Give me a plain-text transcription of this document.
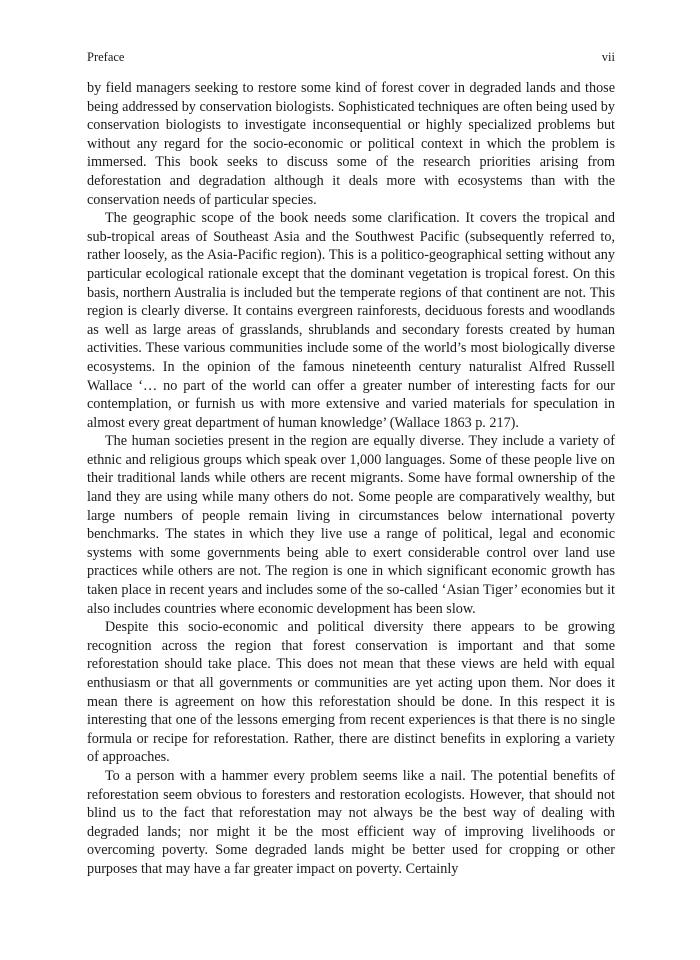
Preface	vii

by field managers seeking to restore some kind of forest cover in degraded lands and those being addressed by conservation biologists. Sophisticated techniques are often being used by conservation biologists to investigate inconsequential or highly specialized problems but without any regard for the socio-economic or political context in which the problem is immersed. This book seeks to discuss some of the research priorities arising from deforestation and degradation although it deals more with ecosystems than with the conservation needs of particular species.

The geographic scope of the book needs some clarification. It covers the tropical and sub-tropical areas of Southeast Asia and the Southwest Pacific (subsequently referred to, rather loosely, as the Asia-Pacific region). This is a politico-geographical setting without any particular ecological rationale except that the dominant vegetation is tropical forest. On this basis, northern Australia is included but the temperate regions of that continent are not. This region is clearly diverse. It contains evergreen rainforests, deciduous forests and woodlands as well as large areas of grasslands, shrublands and secondary forests created by human activities. These various communities include some of the world’s most biologically diverse ecosystems. In the opinion of the famous nineteenth century naturalist Alfred Russell Wallace ‘… no part of the world can offer a greater number of interesting facts for our contemplation, or furnish us with more extensive and varied materials for speculation in almost every great department of human knowledge’ (Wallace 1863 p. 217).

The human societies present in the region are equally diverse. They include a variety of ethnic and religious groups which speak over 1,000 languages. Some of these people live on their traditional lands while others are recent migrants. Some have formal ownership of the land they are using while many others do not. Some people are comparatively wealthy, but large numbers of people remain living in circumstances below international poverty benchmarks. The states in which they live use a range of political, legal and economic systems with some governments being able to exert considerable control over land use practices while others are not. The region is one in which significant economic growth has taken place in recent years and includes some of the so-called ‘Asian Tiger’ economies but it also includes countries where economic development has been slow.

Despite this socio-economic and political diversity there appears to be growing recognition across the region that forest conservation is important and that some reforestation should take place. This does not mean that these views are held with equal enthusiasm or that all governments or communities are yet acting upon them. Nor does it mean there is agreement on how this reforestation should be done. In this respect it is interesting that one of the lessons emerging from recent experiences is that there is no single formula or recipe for reforestation. Rather, there are distinct benefits in exploring a variety of approaches.

To a person with a hammer every problem seems like a nail. The potential benefits of reforestation seem obvious to foresters and restoration ecologists. However, that should not blind us to the fact that reforestation may not always be the best way of dealing with degraded lands; nor might it be the most efficient way of improving livelihoods or overcoming poverty. Some degraded lands might be better used for cropping or other purposes that may have a far greater impact on poverty. Certainly
